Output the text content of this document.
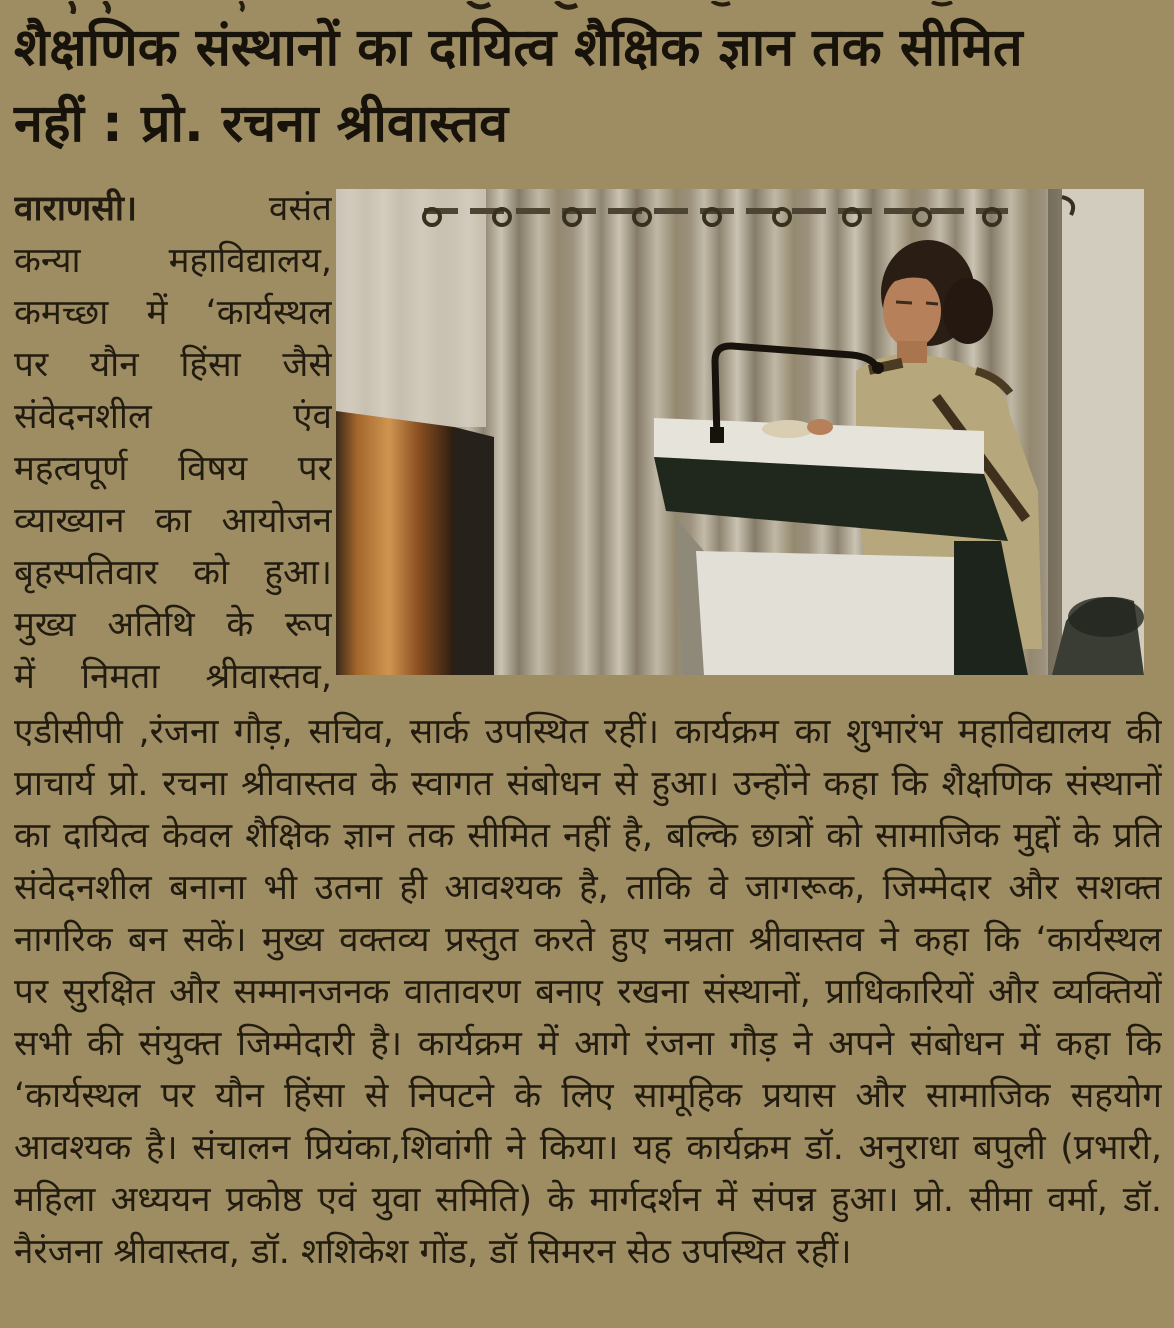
शैक्षणिक संस्थानों का दायित्व शैक्षिक ज्ञान तक सीमित
नहीं : प्रो. रचना श्रीवास्तव
वाराणसी।	वसंत
कन्या महाविद्यालय,
कमच्छा में ‘कार्यस्थल
पर यौन हिंसा जैसे
संवेदनशील एंव
महत्वपूर्ण विषय पर
व्याख्यान का आयोजन
बृहस्पतिवार को हुआ।
मुख्य अतिथि के रूप
में निमता श्रीवास्तव,
एडीसीपी ,रंजना गौड़, सचिव, सार्क उपस्थित रहीं। कार्यक्रम का शुभारंभ महाविद्यालय की
प्राचार्य प्रो. रचना श्रीवास्तव के स्वागत संबोधन से हुआ। उन्होंने कहा कि शैक्षणिक संस्थानों
का दायित्व केवल शैक्षिक ज्ञान तक सीमित नहीं है, बल्कि छात्रों को सामाजिक मुद्दों के प्रति
संवेदनशील बनाना भी उतना ही आवश्यक है, ताकि वे जागरूक, जिम्मेदार और सशक्त
नागरिक बन सकें। मुख्य वक्तव्य प्रस्तुत करते हुए नम्रता श्रीवास्तव ने कहा कि ‘कार्यस्थल
पर सुरक्षित और सम्मानजनक वातावरण बनाए रखना संस्थानों, प्राधिकारियों और व्यक्तियों
सभी की संयुक्त जिम्मेदारी है। कार्यक्रम में आगे रंजना गौड़ ने अपने संबोधन में कहा कि
‘कार्यस्थल पर यौन हिंसा से निपटने के लिए सामूहिक प्रयास और सामाजिक सहयोग
आवश्यक है। संचालन प्रियंका,शिवांगी ने किया। यह कार्यक्रम डॉ. अनुराधा बपुली (प्रभारी,
महिला अध्ययन प्रकोष्ठ एवं युवा समिति) के मार्गदर्शन में संपन्न हुआ। प्रो. सीमा वर्मा, डॉ.
नैरंजना श्रीवास्तव, डॉ. शशिकेश गोंड, डॉ सिमरन सेठ उपस्थित रहीं।
